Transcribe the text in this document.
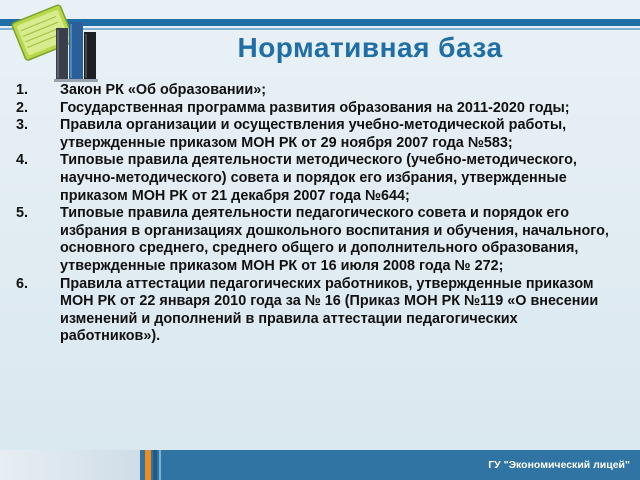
Нормативная база
1.	Закон РК «Об образовании»;
2.	Государственная программа развития образования на 2011-2020 годы;
3.	Правила организации и осуществления учебно-методической работы, утвержденные приказом МОН РК от 29 ноября 2007 года №583;
4.	Типовые правила деятельности методического (учебно-методического, научно-методического) совета и порядок его избрания, утвержденные приказом МОН РК от 21 декабря 2007 года №644;
5.	Типовые правила деятельности педагогического совета и порядок его избрания в организациях дошкольного воспитания и обучения, начального, основного среднего, среднего общего и дополнительного образования, утвержденные приказом МОН РК от 16 июля 2008 года № 272;
6.	Правила аттестации педагогических работников, утвержденные приказом МОН РК от 22 января 2010 года за № 16 (Приказ МОН РК №119 «О внесении изменений и дополнений в правила аттестации педагогических работников»).
ГУ "Экономический лицей"
